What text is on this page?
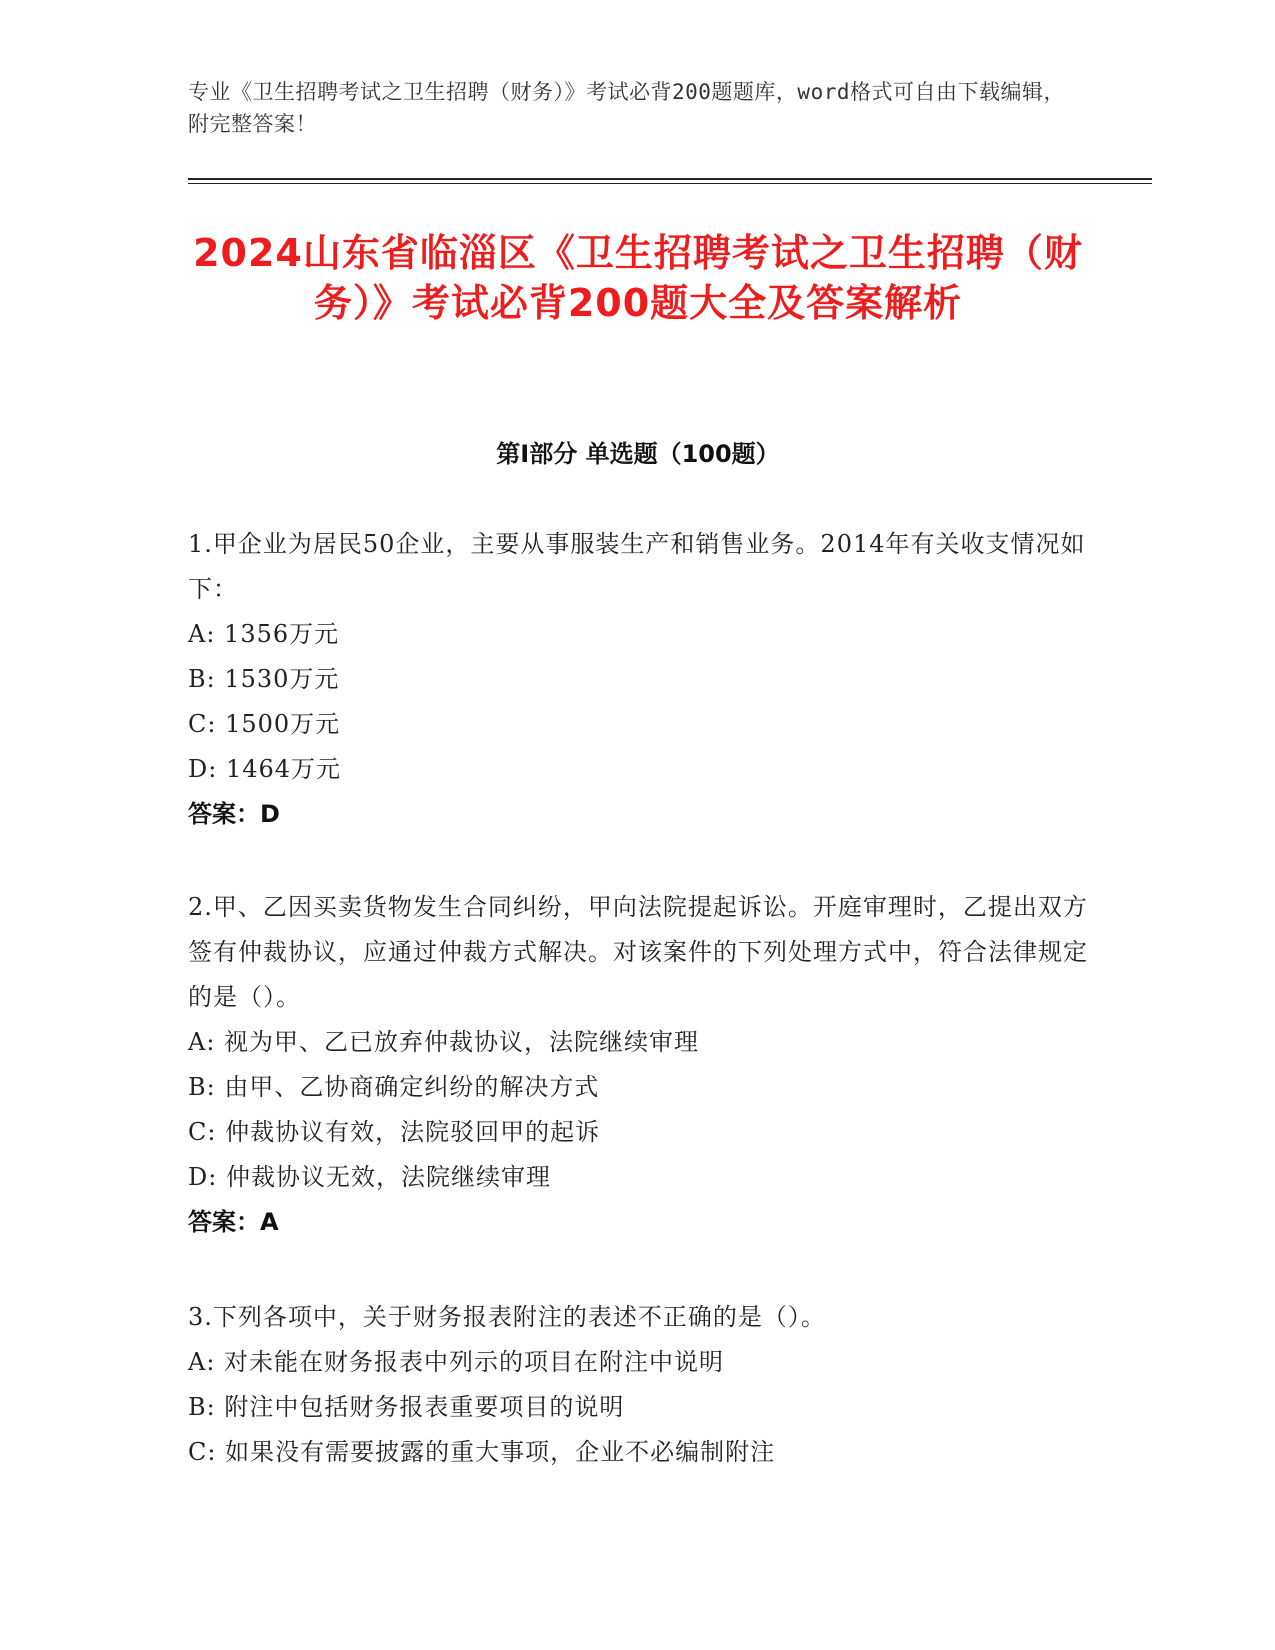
专业《卫生招聘考试之卫生招聘（财务）》考试必背200题题库，word格式可自由下载编辑，附完整答案！
2024山东省临淄区《卫生招聘考试之卫生招聘（财务）》考试必背200题大全及答案解析
第Ⅰ部分 单选题（100题）
1.甲企业为居民50企业，主要从事服装生产和销售业务。2014年有关收支情况如下：
A: 1356万元
B: 1530万元
C: 1500万元
D: 1464万元
答案：D
2.甲、乙因买卖货物发生合同纠纷，甲向法院提起诉讼。开庭审理时，乙提出双方签有仲裁协议，应通过仲裁方式解决。对该案件的下列处理方式中，符合法律规定的是（）。
A: 视为甲、乙已放弃仲裁协议，法院继续审理
B: 由甲、乙协商确定纠纷的解决方式
C: 仲裁协议有效，法院驳回甲的起诉
D: 仲裁协议无效，法院继续审理
答案：A
3.下列各项中，关于财务报表附注的表述不正确的是（）。
A: 对未能在财务报表中列示的项目在附注中说明
B: 附注中包括财务报表重要项目的说明
C: 如果没有需要披露的重大事项，企业不必编制附注
